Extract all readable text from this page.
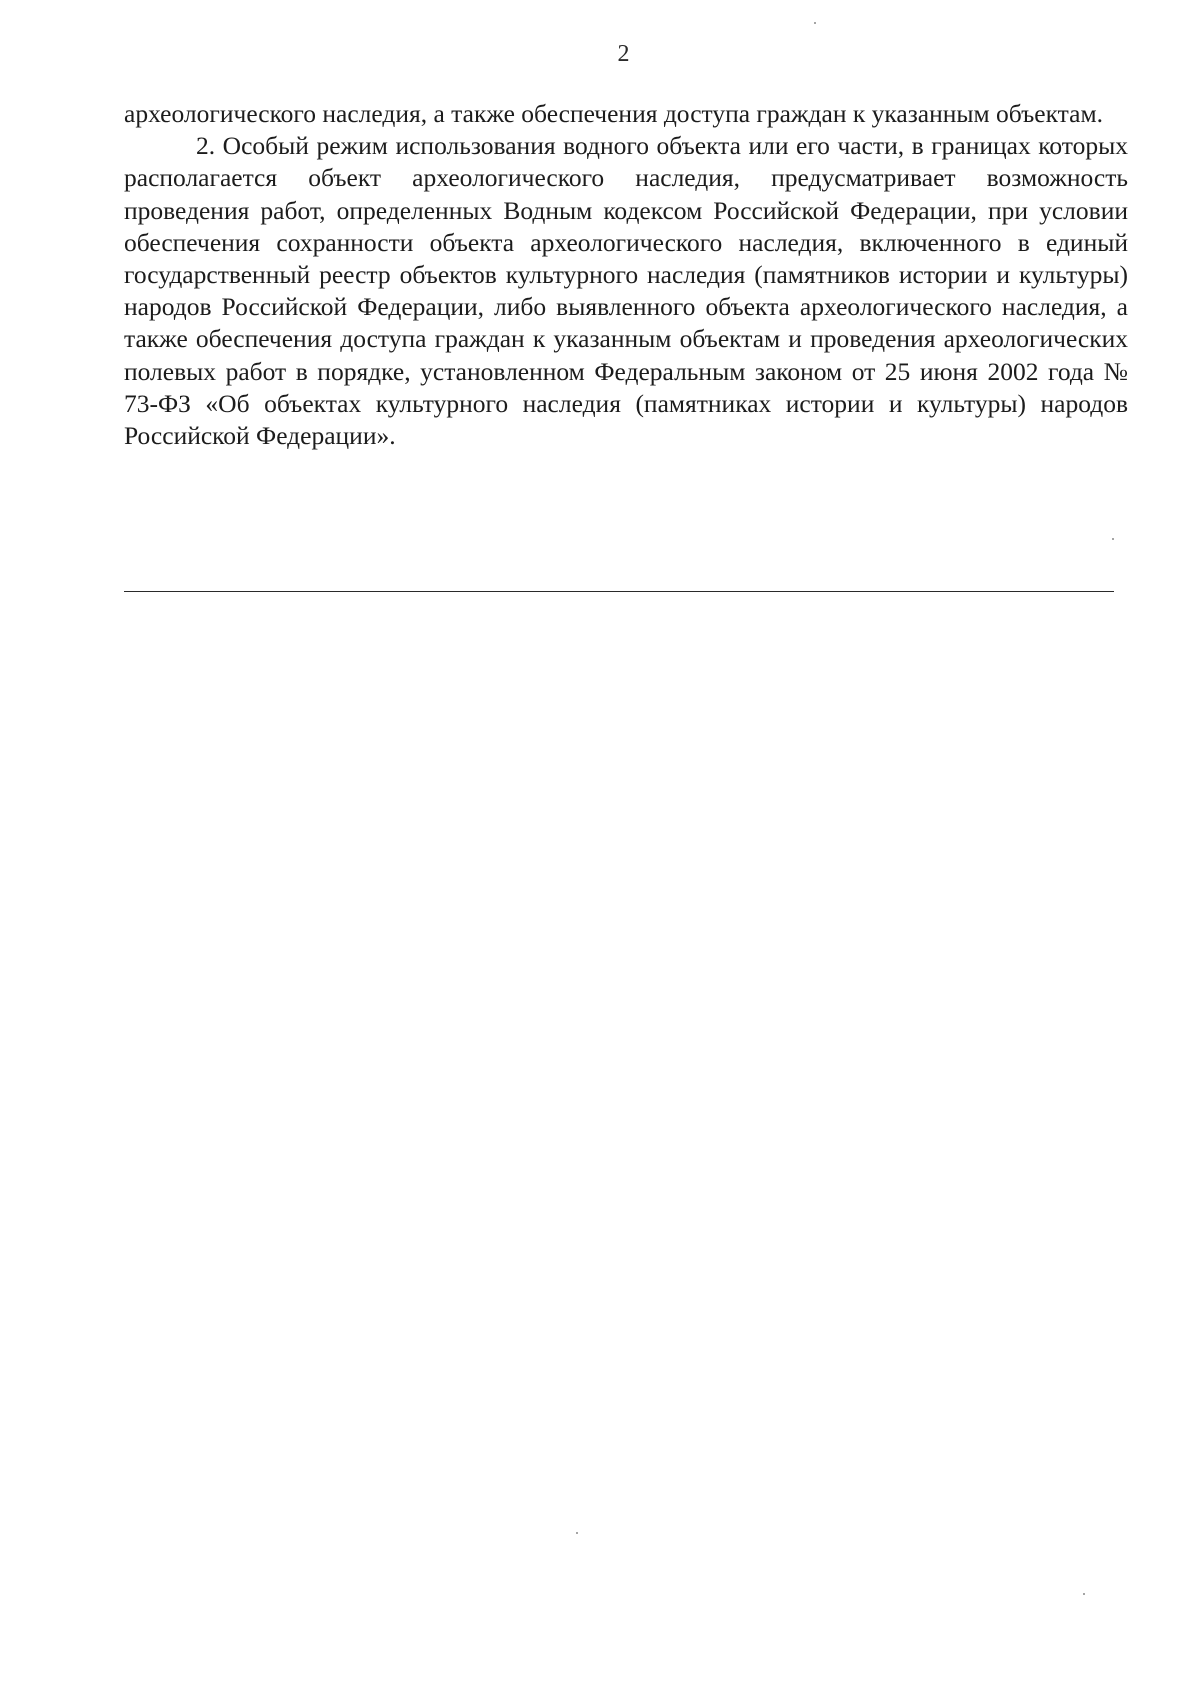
2

археологического наследия, а также обеспечения доступа граждан к указанным объектам.

2. Особый режим использования водного объекта или его части, в границах которых располагается объект археологического наследия, предусматривает возможность проведения работ, определенных Водным кодексом Российской Федерации, при условии обеспечения сохранности объекта археологического наследия, включенного в единый государственный реестр объектов культурного наследия (памятников истории и культуры) народов Российской Федерации, либо выявленного объекта археологического наследия, а также обеспечения доступа граждан к указанным объектам и проведения археологических полевых работ в порядке, установленном Федеральным законом от 25 июня 2002 года № 73-ФЗ «Об объектах культурного наследия (памятниках истории и культуры) народов Российской Федерации».
